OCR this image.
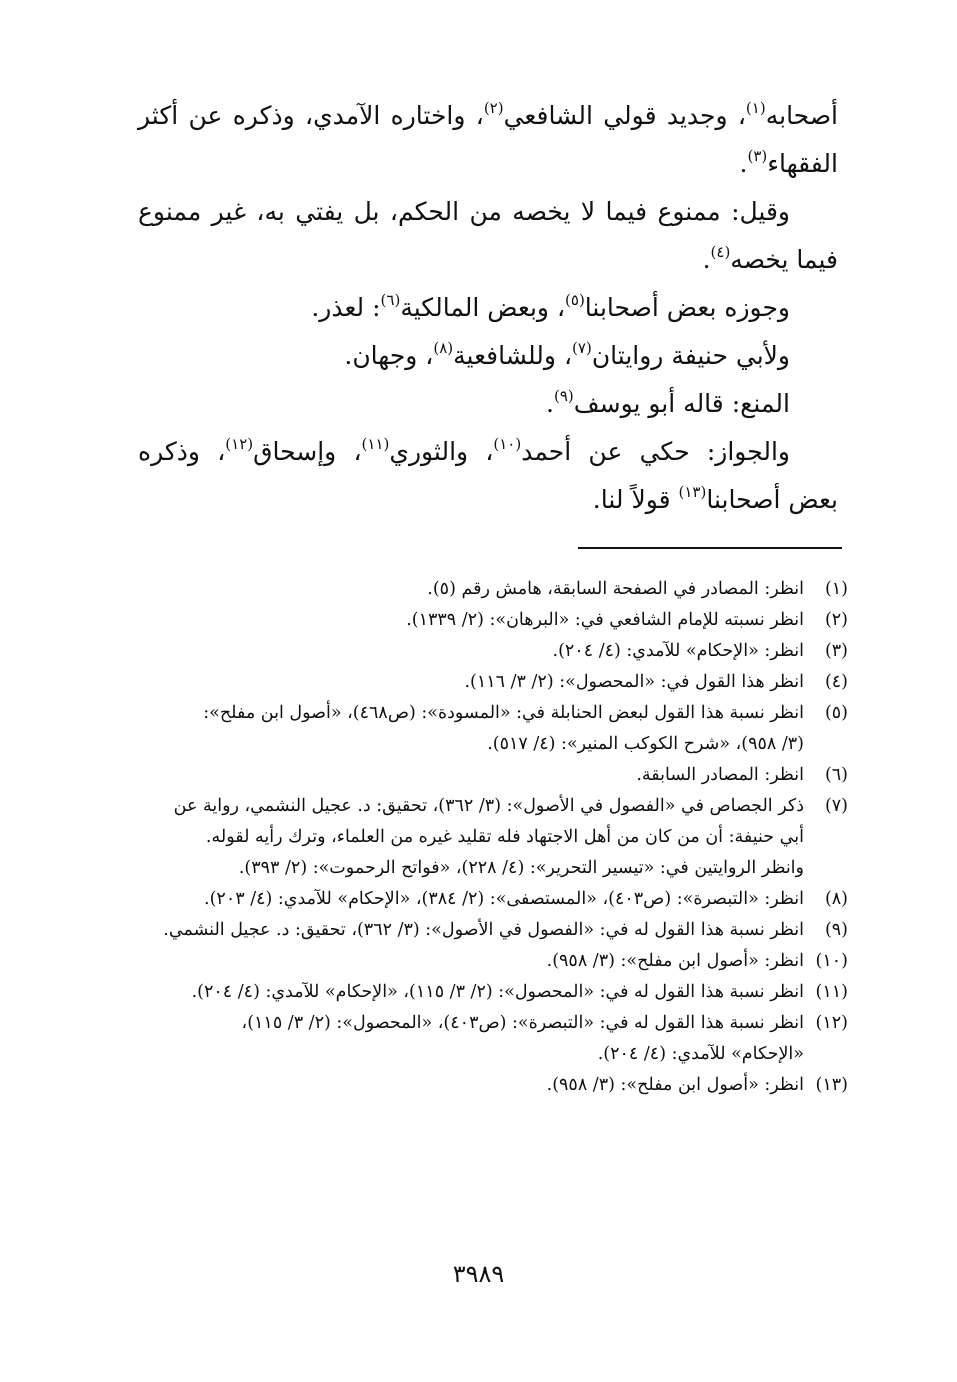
أصحابه$^{(١)}$، وجديد قولي الشافعي$^{(٢)}$، واختاره الآمدي، وذكره عن أكثر الفقهاء$^{(٣)}$.

وقيل: ممنوع فيما لا يخصه من الحكم، بل يفتي به، غير ممنوع فيما يخصه$^{(٤)}$.

وجوزه بعض أصحابنا$^{(٥)}$، وبعض المالكية$^{(٦)}$: لعذر.

ولأبي حنيفة روايتان$^{(٧)}$، وللشافعية$^{(٨)}$، وجهان.

المنع: قاله أبو يوسف$^{(٩)}$.

والجواز: حكي عن أحمد$^{(١٠)}$، والثوري$^{(١١)}$، وإسحاق$^{(١٢)}$، وذكره بعض أصحابنا$^{(١٣)}$ قولاً لنا.

(١)
انظر: المصادر في الصفحة السابقة، هامش رقم (٥).
(٢)
انظر نسبته للإمام الشافعي في: «البرهان»: (٢/ ١٣٣٩).
(٣)
انظر: «الإحكام» للآمدي: (٤/ ٢٠٤).
(٤)
انظر هذا القول في: «المحصول»: (٢/ ٣/ ١١٦).
(٥)
انظر نسبة هذا القول لبعض الحنابلة في: «المسودة»: (ص٤٦٨)، «أصول ابن مفلح»:
(٣/ ٩٥٨)، «شرح الكوكب المنير»: (٤/ ٥١٧).
(٦)
انظر: المصادر السابقة.
(٧)
ذكر الجصاص في «الفصول في الأصول»: (٣/ ٣٦٢)، تحقيق: د. عجيل النشمي، رواية عن
أبي حنيفة: أن من كان من أهل الاجتهاد فله تقليد غيره من العلماء، وترك رأيه لقوله.
وانظر الروايتين في: «تيسير التحرير»: (٤/ ٢٢٨)، «فواتح الرحموت»: (٢/ ٣٩٣).
(٨)
انظر: «التبصرة»: (ص٤٠٣)، «المستصفى»: (٢/ ٣٨٤)، «الإحكام» للآمدي: (٤/ ٢٠٣).
(٩)
انظر نسبة هذا القول له في: «الفصول في الأصول»: (٣/ ٣٦٢)، تحقيق: د. عجيل النشمي.
(١٠)
انظر: «أصول ابن مفلح»: (٣/ ٩٥٨).
(١١)
انظر نسبة هذا القول له في: «المحصول»: (٢/ ٣/ ١١٥)، «الإحكام» للآمدي: (٤/ ٢٠٤).
(١٢)
انظر نسبة هذا القول له في: «التبصرة»: (ص٤٠٣)، «المحصول»: (٢/ ٣/ ١١٥)،
«الإحكام» للآمدي: (٤/ ٢٠٤).
(١٣)
انظر: «أصول ابن مفلح»: (٣/ ٩٥٨).
٣٩٨٩
